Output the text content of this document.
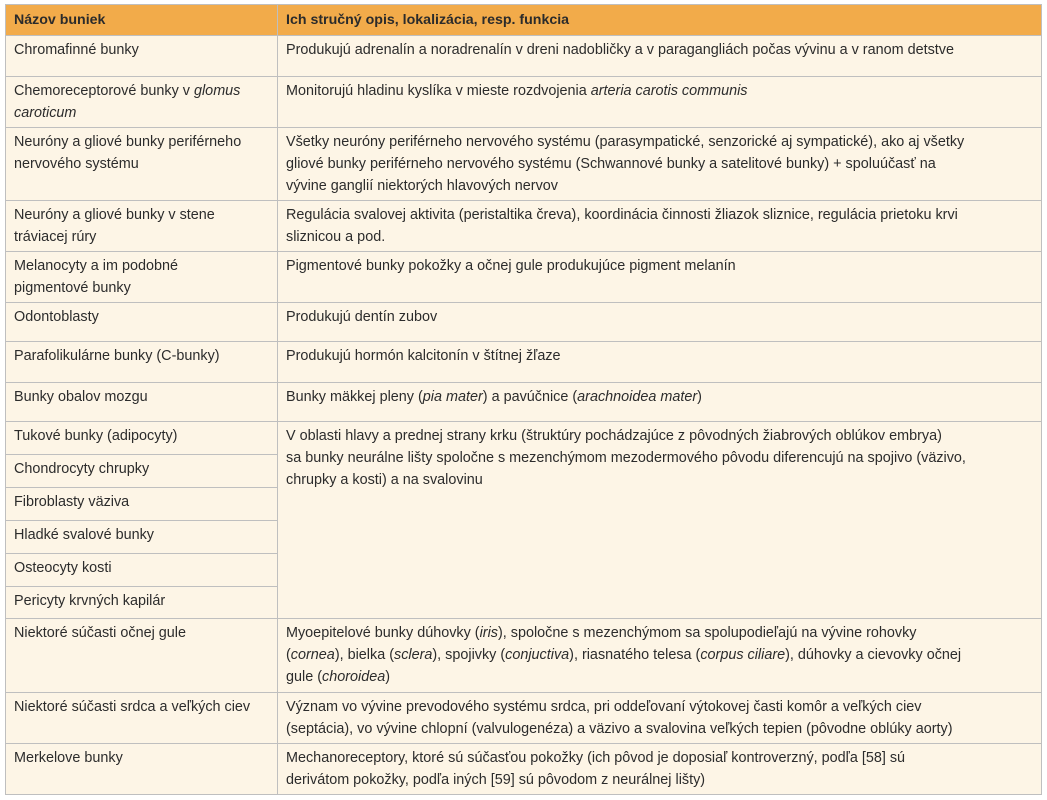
Názov buniek	Ich stručný opis, lokalizácia, resp. funkcia
Chromafinné bunky	Produkujú adrenalín a noradrenalín v dreni nadobličky a v paragangliách počas vývinu a v ranom detstve
Chemoreceptorové bunky v glomus
caroticum	Monitorujú hladinu kyslíka v mieste rozdvojenia arteria carotis communis
Neuróny a gliové bunky periférneho
nervového systému	Všetky neuróny periférneho nervového systému (parasympatické, senzorické aj sympatické), ako aj všetky
gliové bunky periférneho nervového systému (Schwannové bunky a satelitové bunky) + spoluúčasť na
vývine ganglií niektorých hlavových nervov
Neuróny a gliové bunky v stene
tráviacej rúry	Regulácia svalovej aktivita (peristaltika čreva), koordinácia činnosti žliazok sliznice, regulácia prietoku krvi
sliznicou a pod.
Melanocyty a im podobné
pigmentové bunky	Pigmentové bunky pokožky a očnej gule produkujúce pigment melanín
Odontoblasty	Produkujú dentín zubov
Parafolikulárne bunky (C-bunky)	Produkujú hormón kalcitonín v štítnej žľaze
Bunky obalov mozgu	Bunky mäkkej pleny (pia mater) a pavúčnice (arachnoidea mater)
Tukové bunky (adipocyty)	V oblasti hlavy a prednej strany krku (štruktúry pochádzajúce z pôvodných žiabrových oblúkov embrya)
sa bunky neurálne lišty spoločne s mezenchýmom mezodermového pôvodu diferencujú na spojivo (väzivo,
chrupky a kosti) a na svalovinu
Chondrocyty chrupky	
Fibroblasty väziva	
Hladké svalové bunky	
Osteocyty kosti	
Pericyty krvných kapilár	
Niektoré súčasti očnej gule	Myoepitelové bunky dúhovky (iris), spoločne s mezenchýmom sa spolupodieľajú na vývine rohovky
(cornea), bielka (sclera), spojivky (conjuctiva), riasnatého telesa (corpus ciliare), dúhovky a cievovky očnej
gule (choroidea)
Niektoré súčasti srdca a veľkých ciev	Význam vo vývine prevodového systému srdca, pri oddeľovaní výtokovej časti komôr a veľkých ciev
(septácia), vo vývine chlopní (valvulogenéza) a väzivo a svalovina veľkých tepien (pôvodne oblúky aorty)
Merkelove bunky	Mechanoreceptory, ktoré sú súčasťou pokožky (ich pôvod je doposiaľ kontroverzný, podľa [58] sú
derivátom pokožky, podľa iných [59] sú pôvodom z neurálnej lišty)
